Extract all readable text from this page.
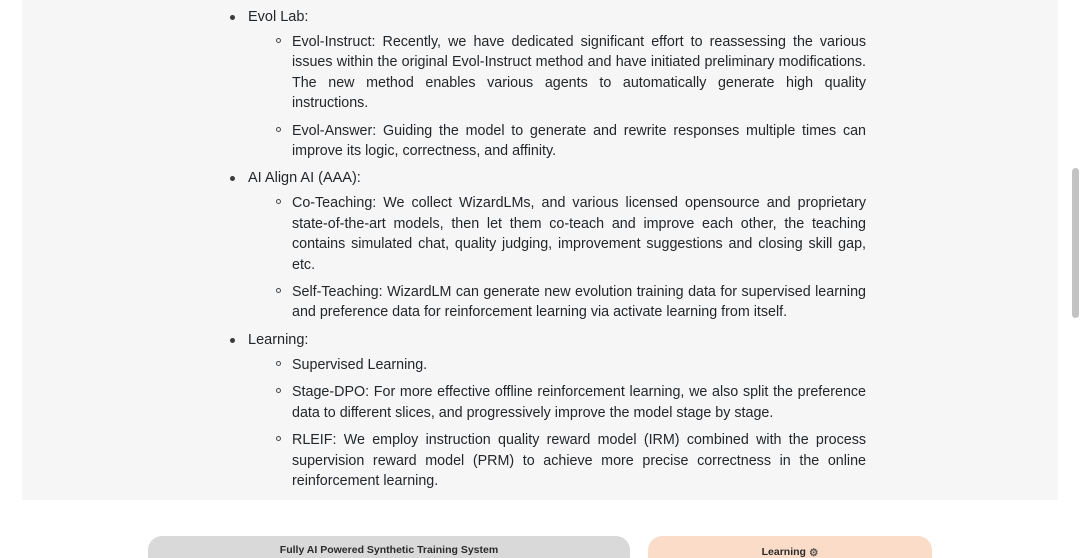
Evol Lab:
Evol-Instruct: Recently, we have dedicated significant effort to reassessing the various issues within the original Evol-Instruct method and have initiated preliminary modifications. The new method enables various agents to automatically generate high quality instructions.
Evol-Answer: Guiding the model to generate and rewrite responses multiple times can improve its logic, correctness, and affinity.
AI Align AI (AAA):
Co-Teaching: We collect WizardLMs, and various licensed opensource and proprietary state-of-the-art models, then let them co-teach and improve each other, the teaching contains simulated chat, quality judging, improvement suggestions and closing skill gap, etc.
Self-Teaching: WizardLM can generate new evolution training data for supervised learning and preference data for reinforcement learning via activate learning from itself.
Learning:
Supervised Learning.
Stage-DPO: For more effective offline reinforcement learning, we also split the preference data to different slices, and progressively improve the model stage by stage.
RLEIF: We employ instruction quality reward model (IRM) combined with the process supervision reward model (PRM) to achieve more precise correctness in the online reinforcement learning.
Fully AI Powered Synthetic Training System	Learning ⚙
